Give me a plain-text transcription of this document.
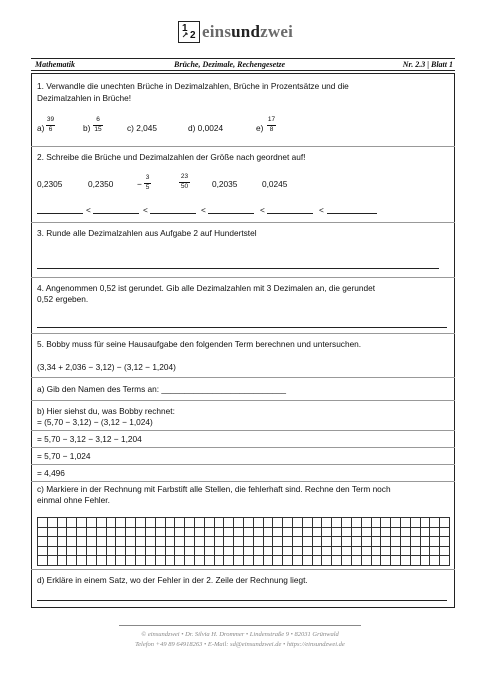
1
2 einsundzwei
Mathematik	Brüche, Dezimale, Rechengesetze	Nr. 2.3 | Blatt 1
1. Verwandle die unechten Brüche in Dezimalzahlen, Brüche in Prozentsätze und die
Dezimalzahlen in Brüche!
a)
39
6	b)
6
15	c) 2,045	d) 0,0024	e)
17
8
2. Schreibe die Brüche und Dezimalzahlen der Größe nach geordnet auf!
0,2305	0,2350	−
3
5
23
50	0,2035	0,0245
<	<	<	<	<
3. Runde alle Dezimalzahlen aus Aufgabe 2 auf Hundertstel
4. Angenommen 0,52 ist gerundet. Gib alle Dezimalzahlen mit 3 Dezimalen an, die gerundet
0,52 ergeben.
5. Bobby muss für seine Hausaufgabe den folgenden Term berechnen und untersuchen.
(3,34 + 2,036 − 3,12) − (3,12 − 1,204)
a) Gib den Namen des Terms an: ___________________________
b) Hier siehst du, was Bobby rechnet:
= (5,70 − 3,12) − (3,12 − 1,024)
= 5,70 − 3,12 − 3,12 − 1,204
= 5,70 − 1,024
= 4,496
c) Markiere in der Rechnung mit Farbstift alle Stellen, die fehlerhaft sind. Rechne den Term noch
einmal ohne Fehler.
d) Erkläre in einem Satz, wo der Fehler in der 2. Zeile der Rechnung liegt.
© einsundzwei • Dr. Silvia H. Drommer • Lindenstraße 9 • 82031 Grünwald
Telefon +49 89 64918263 • E-Mail: sd@einsundzwei.de • https://einsundzwei.de
